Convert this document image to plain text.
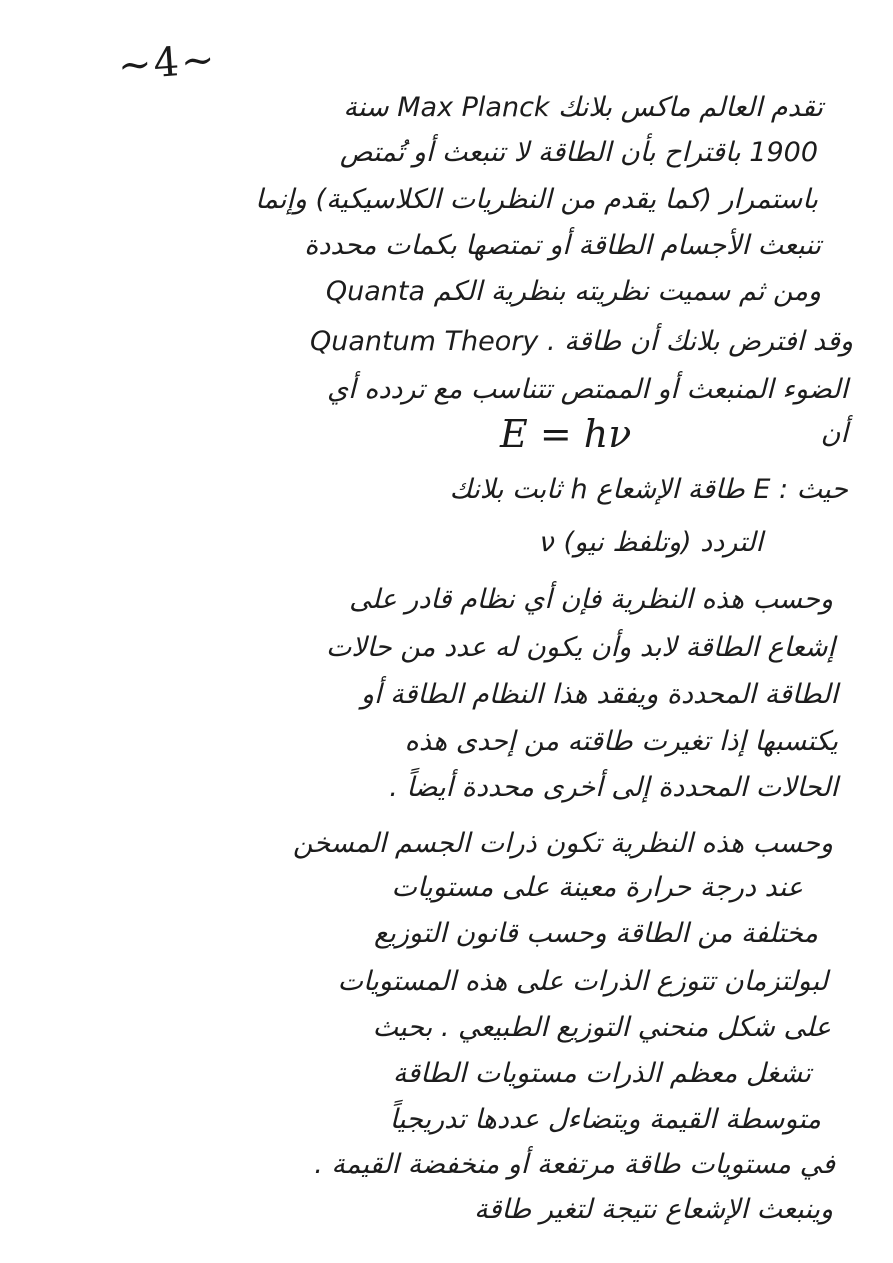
~4~
تقدم العالم ماكس بلانك Max Planck سنة
1900 باقتراح بأن الطاقة لا تنبعث أو تُمتص
باستمرار (كما يقدم من النظريات الكلاسيكية) وإنما
تنبعث الأجسام الطاقة أو تمتصها بكمات محددة
Quanta ومن ثم سميت نظريته بنظرية الكم
Quantum Theory . وقد افترض بلانك أن طاقة
الضوء المنبعث أو الممتص تتناسب مع تردده أي
أن
E = hν
حيث : E طاقة الإشعاع h ثابت بلانك
ν التردد (وتلفظ نيو)
وحسب هذه النظرية فإن أي نظام قادر على
إشعاع الطاقة لابد وأن يكون له عدد من حالات
الطاقة المحددة ويفقد هذا النظام الطاقة أو
يكتسبها إذا تغيرت طاقته من إحدى هذه
الحالات المحددة إلى أخرى محددة أيضاً .
وحسب هذه النظرية تكون ذرات الجسم المسخن
عند درجة حرارة معينة على مستويات
مختلفة من الطاقة وحسب قانون التوزيع
لبولتزمان تتوزع الذرات على هذه المستويات
على شكل منحني التوزيع الطبيعي . بحيث
تشغل معظم الذرات مستويات الطاقة
متوسطة القيمة ويتضاءل عددها تدريجياً
في مستويات طاقة مرتفعة أو منخفضة القيمة .
وينبعث الإشعاع نتيجة لتغير طاقة
